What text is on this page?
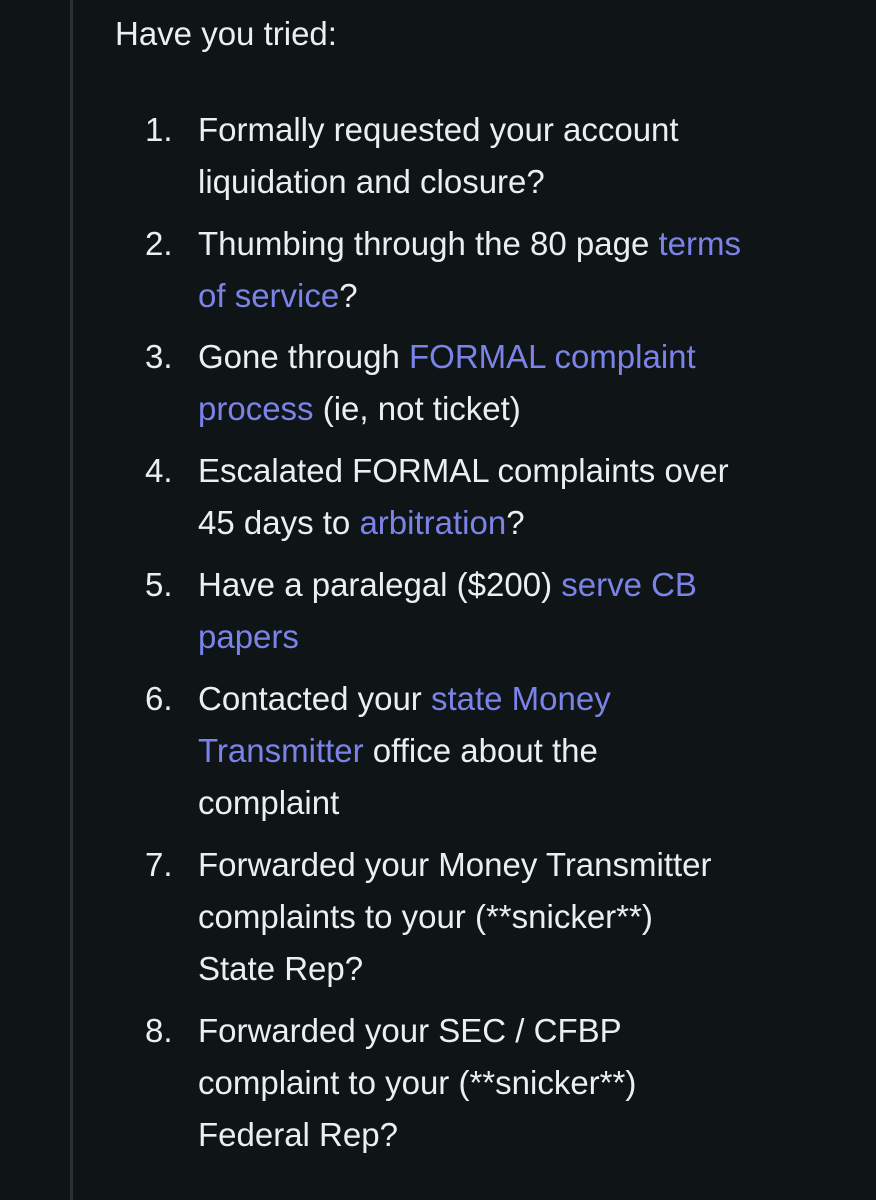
Have you tried:

1. Formally requested your account
liquidation and closure?
2. Thumbing through the 80 page terms
of service?
3. Gone through FORMAL complaint
process (ie, not ticket)
4. Escalated FORMAL complaints over
45 days to arbitration?
5. Have a paralegal ($200) serve CB
papers
6. Contacted your state Money
Transmitter office about the
complaint
7. Forwarded your Money Transmitter
complaints to your (**snicker**)
State Rep?
8. Forwarded your SEC / CFBP
complaint to your (**snicker**)
Federal Rep?
